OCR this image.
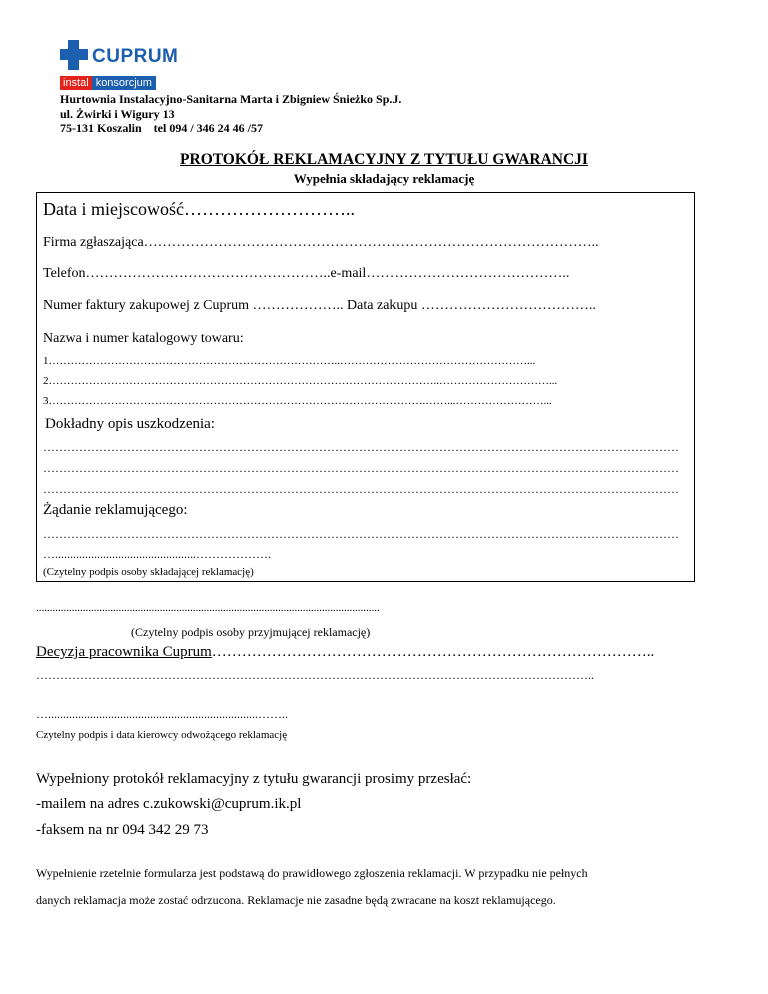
CUPRUM
instal konsorcjum
Hurtownia Instalacyjno-Sanitarna Marta i Zbigniew Śnieżko Sp.J.
ul. Żwirki i Wigury 13
75-131 Koszalin    tel 094 / 346 24 46 /57
PROTOKÓŁ REKLAMACYJNY Z TYTUŁU GWARANCJI
Wypełnia składający reklamację
Data i miejscowość………………………..
Firma zgłaszająca……………………………………………………………………………………..
Telefon……………………………………………..e-mail……………………………………..
Numer faktury zakupowej z Cuprum ……………….. Data zakupu ………………………………..
Nazwa i numer katalogowy towaru:
1……………………………………………………………………..……………………………………………...
2……………………………………………………………………………………………..…………………………...
3………………………………………………………………………………………….……...……………………...
Dokładny opis uszkodzenia:
……………………………………………………………………………………………………………………………………………
……………………………………………………………………………………………………………………………………………
……………………………………………………………………………………………………………………………………………
Żądanie reklamującego:
……………………………………………………………………………………………………………………………………………
…...............................................……………….
(Czytelny podpis osoby składającej reklamację)
.............................................................................................................................
(Czytelny podpis osoby przyjmującej reklamację)
Decyzja pracownika Cuprum……………………………………………………………………………..
…………………………………………………………………………………………………………………………..
…......................................................................……..
Czytelny podpis i data kierowcy odwożącego reklamację
Wypełniony protokół reklamacyjny z tytułu gwarancji prosimy przesłać:
-mailem na adres c.zukowski@cuprum.ik.pl
-faksem na nr 094 342 29 73
Wypełnienie rzetelnie formularza jest podstawą do prawidłowego zgłoszenia reklamacji. W przypadku nie pełnych
danych reklamacja może zostać odrzucona. Reklamacje nie zasadne będą zwracane na koszt reklamującego.
